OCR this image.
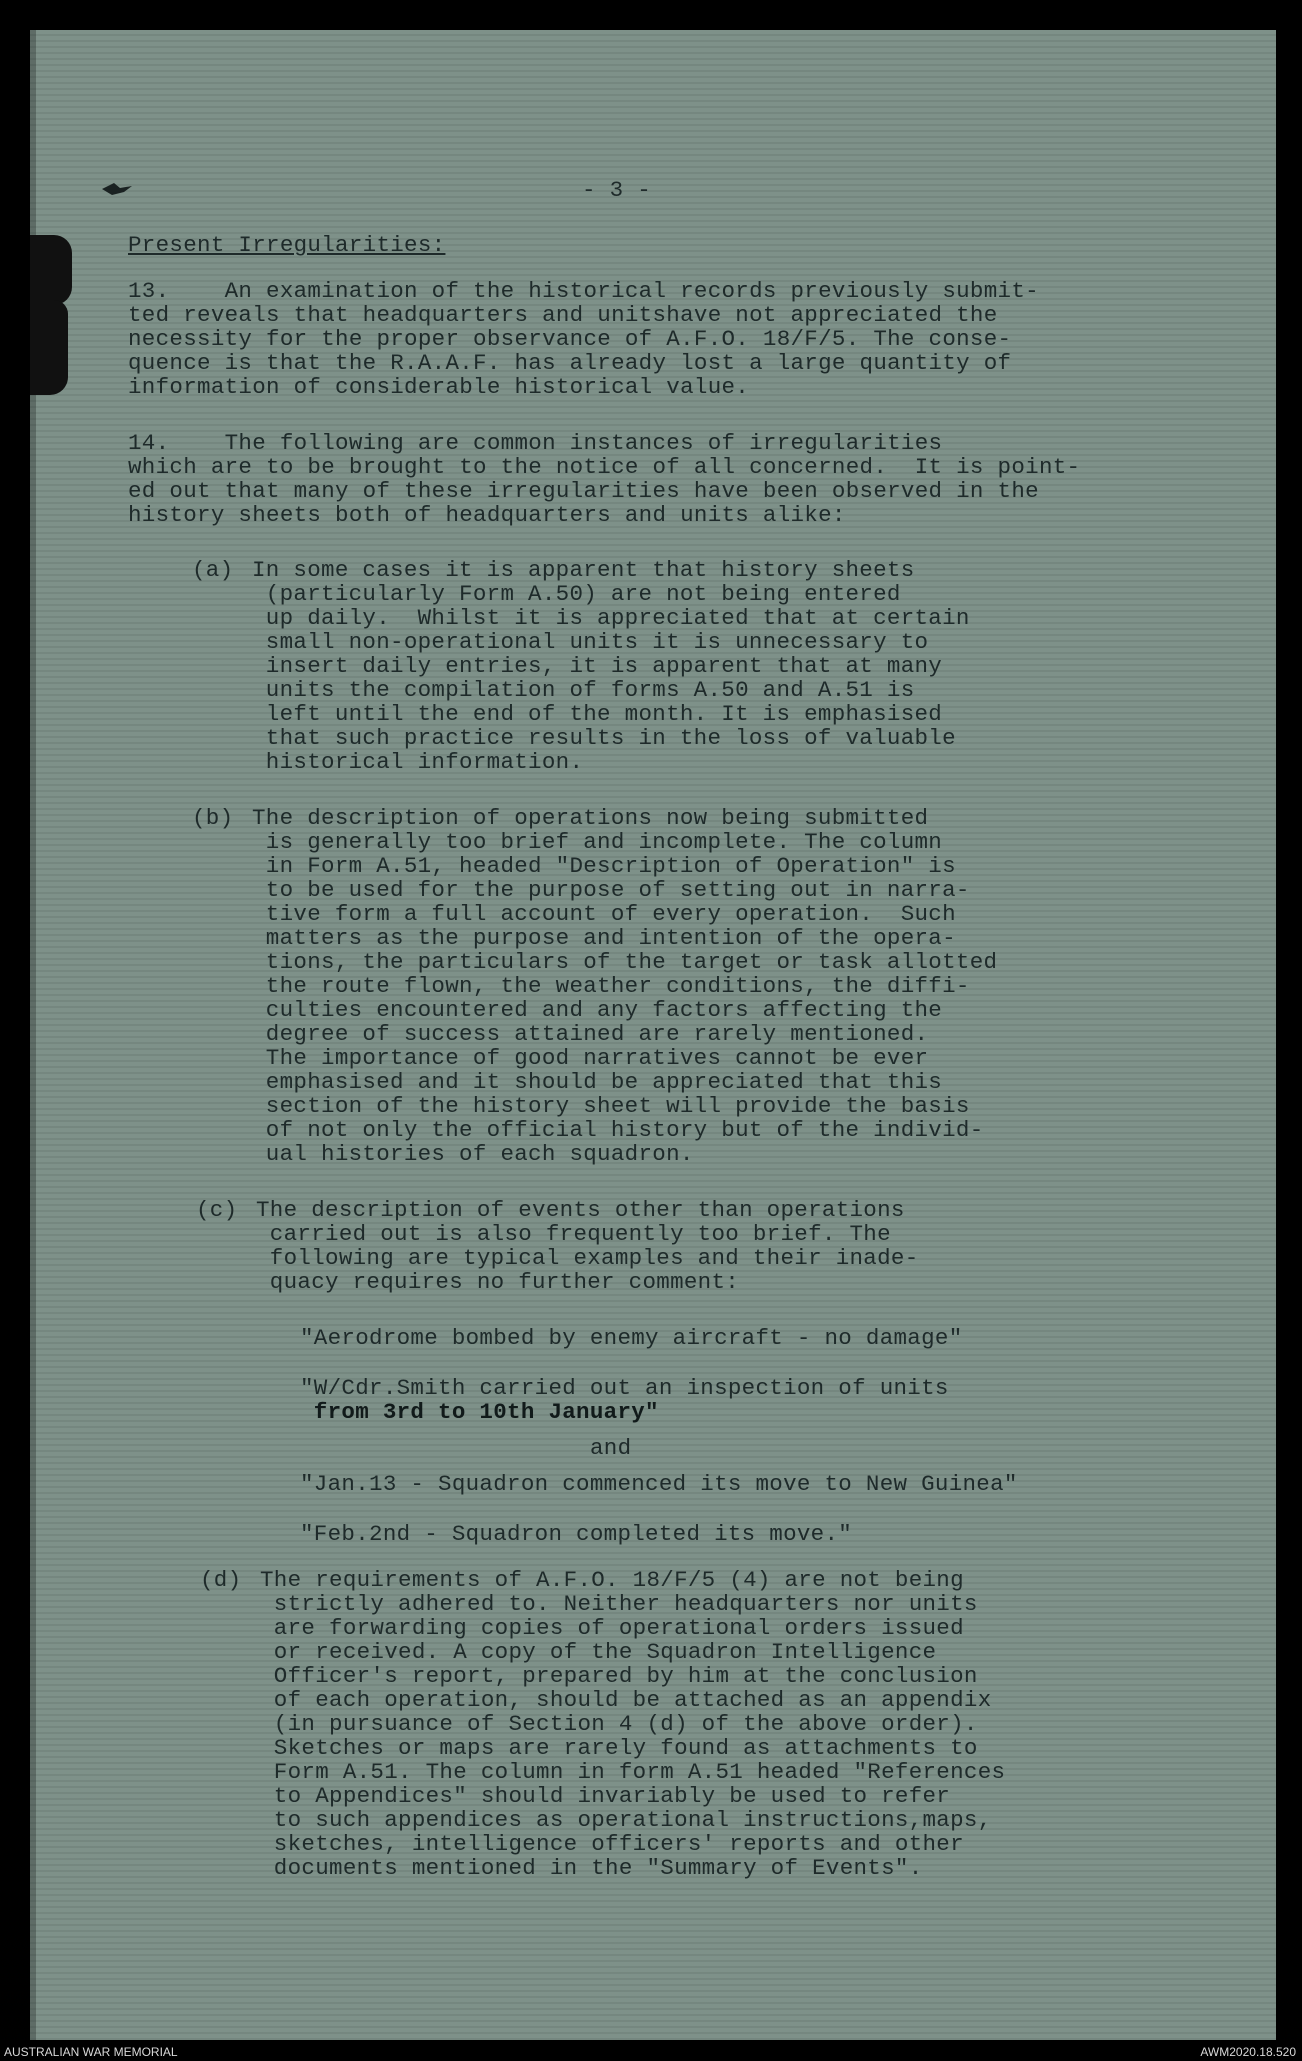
- 3 -
Present Irregularities:
13.    An examination of the historical records previously submit-
ted reveals that headquarters and unitshave not appreciated the
necessity for the proper observance of A.F.O. 18/F/5. The conse-
quence is that the R.A.A.F. has already lost a large quantity of
information of considerable historical value.
14.    The following are common instances of irregularities
which are to be brought to the notice of all concerned.  It is point-
ed out that many of these irregularities have been observed in the
history sheets both of headquarters and units alike:
(a) In some cases it is apparent that history sheets
(particularly Form A.50) are not being entered
up daily.  Whilst it is appreciated that at certain
small non-operational units it is unnecessary to
insert daily entries, it is apparent that at many
units the compilation of forms A.50 and A.51 is
left until the end of the month. It is emphasised
that such practice results in the loss of valuable
historical information.
(b) The description of operations now being submitted
is generally too brief and incomplete. The column
in Form A.51, headed "Description of Operation" is
to be used for the purpose of setting out in narra-
tive form a full account of every operation.  Such
matters as the purpose and intention of the opera-
tions, the particulars of the target or task allotted
the route flown, the weather conditions, the diffi-
culties encountered and any factors affecting the
degree of success attained are rarely mentioned.
The importance of good narratives cannot be ever
emphasised and it should be appreciated that this
section of the history sheet will provide the basis
of not only the official history but of the individ-
ual histories of each squadron.
(c) The description of events other than operations
carried out is also frequently too brief. The
following are typical examples and their inade-
quacy requires no further comment:
"Aerodrome bombed by enemy aircraft - no damage"
"W/Cdr.Smith carried out an inspection of units
from 3rd to 10th January"
and
"Jan.13 - Squadron commenced its move to New Guinea"
"Feb.2nd - Squadron completed its move."
(d) The requirements of A.F.O. 18/F/5 (4) are not being
strictly adhered to. Neither headquarters nor units
are forwarding copies of operational orders issued
or received. A copy of the Squadron Intelligence
Officer's report, prepared by him at the conclusion
of each operation, should be attached as an appendix
(in pursuance of Section 4 (d) of the above order).
Sketches or maps are rarely found as attachments to
Form A.51. The column in form A.51 headed "References
to Appendices" should invariably be used to refer
to such appendices as operational instructions,maps,
sketches, intelligence officers' reports and other
documents mentioned in the "Summary of Events".
AUSTRALIAN WAR MEMORIAL	AWM2020.18.520
